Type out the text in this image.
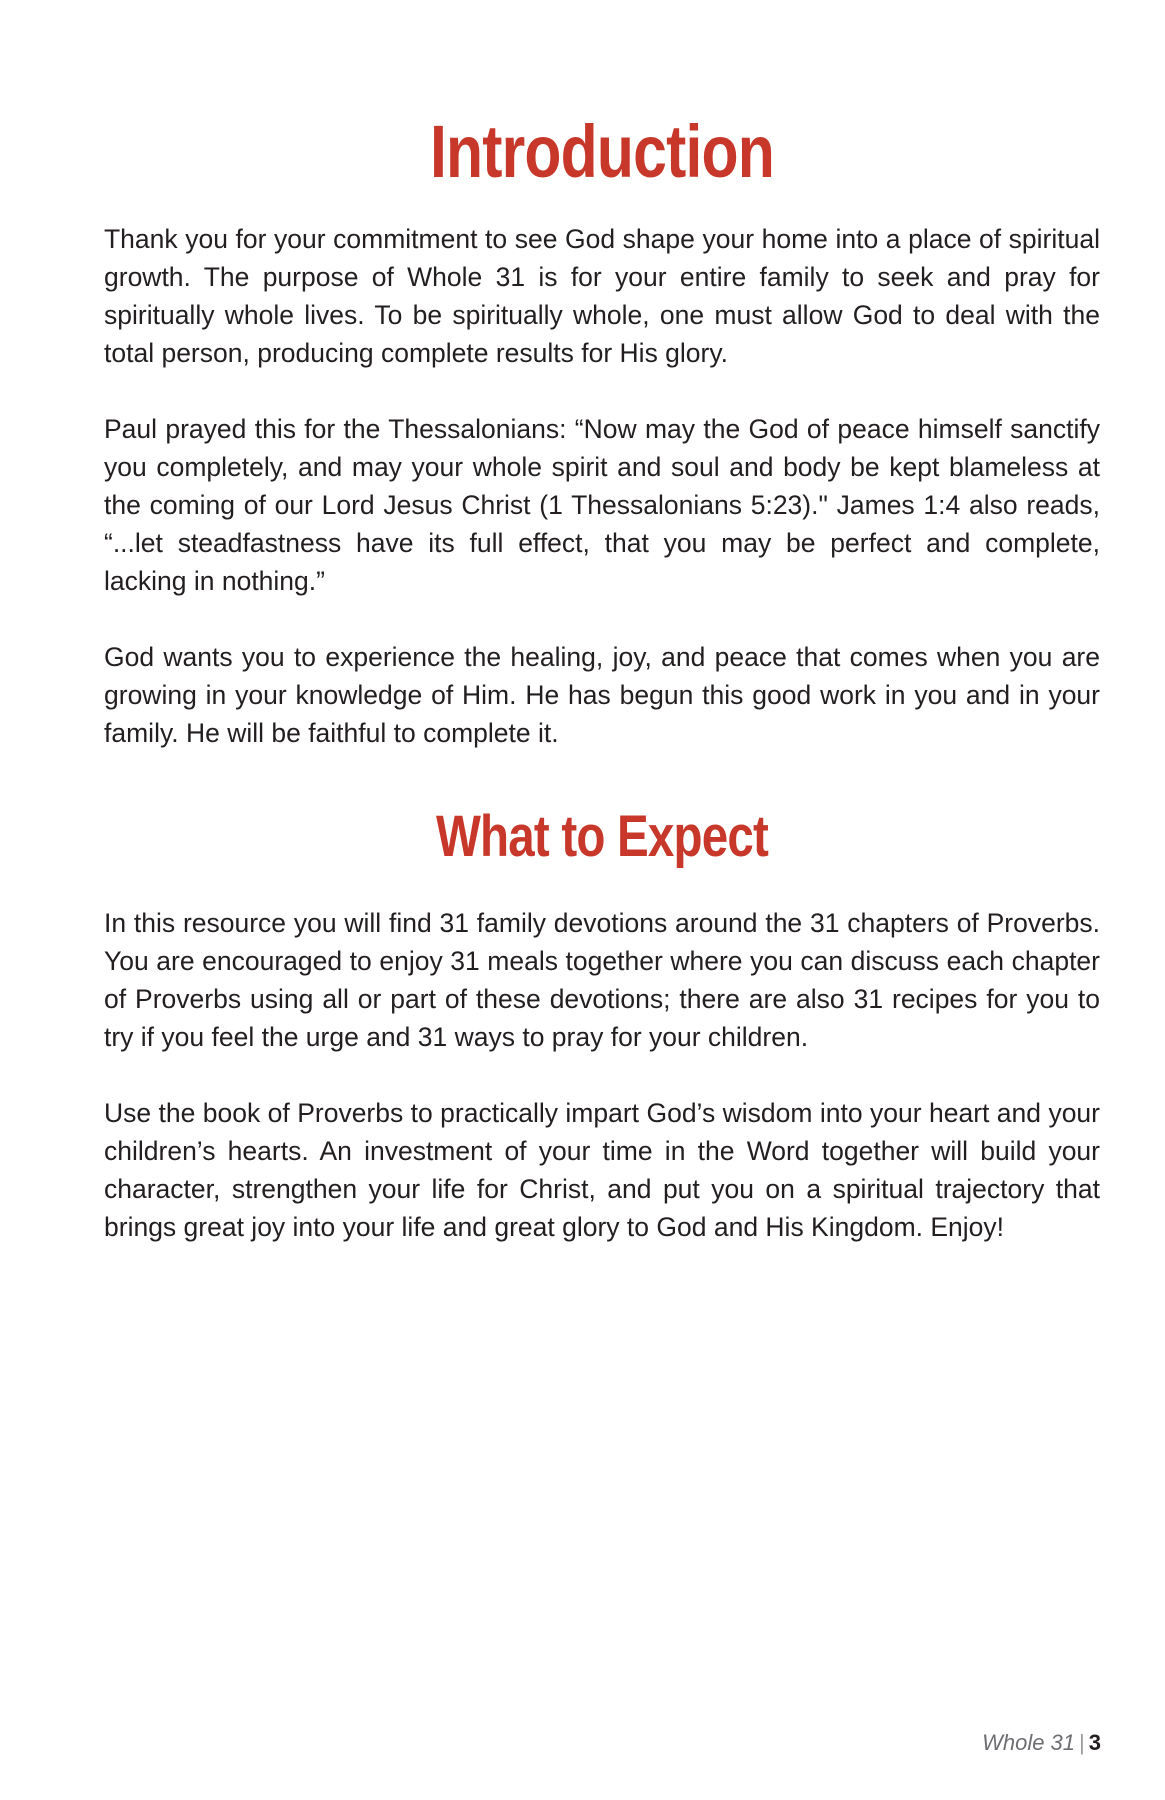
Introduction

Thank you for your commitment to see God shape your home into a place of spiritual growth. The purpose of Whole 31 is for your entire family to seek and pray for spiritually whole lives. To be spiritually whole, one must allow God to deal with the total person, producing complete results for His glory.

Paul prayed this for the Thessalonians: “Now may the God of peace himself sanctify you completely, and may your whole spirit and soul and body be kept blameless at the coming of our Lord Jesus Christ (1 Thessalonians 5:23)." James 1:4 also reads, “...let steadfastness have its full effect, that you may be perfect and complete, lacking in nothing.”

God wants you to experience the healing, joy, and peace that comes when you are growing in your knowledge of Him. He has begun this good work in you and in your family. He will be faithful to complete it.

What to Expect

In this resource you will find 31 family devotions around the 31 chapters of Proverbs. You are encouraged to enjoy 31 meals together where you can discuss each chapter of Proverbs using all or part of these devotions; there are also 31 recipes for you to try if you feel the urge and 31 ways to pray for your children.

Use the book of Proverbs to practically impart God’s wisdom into your heart and your children’s hearts. An investment of your time in the Word together will build your character, strengthen your life for Christ, and put you on a spiritual trajectory that brings great joy into your life and great glory to God and His Kingdom. Enjoy!

Whole 31 | 3
